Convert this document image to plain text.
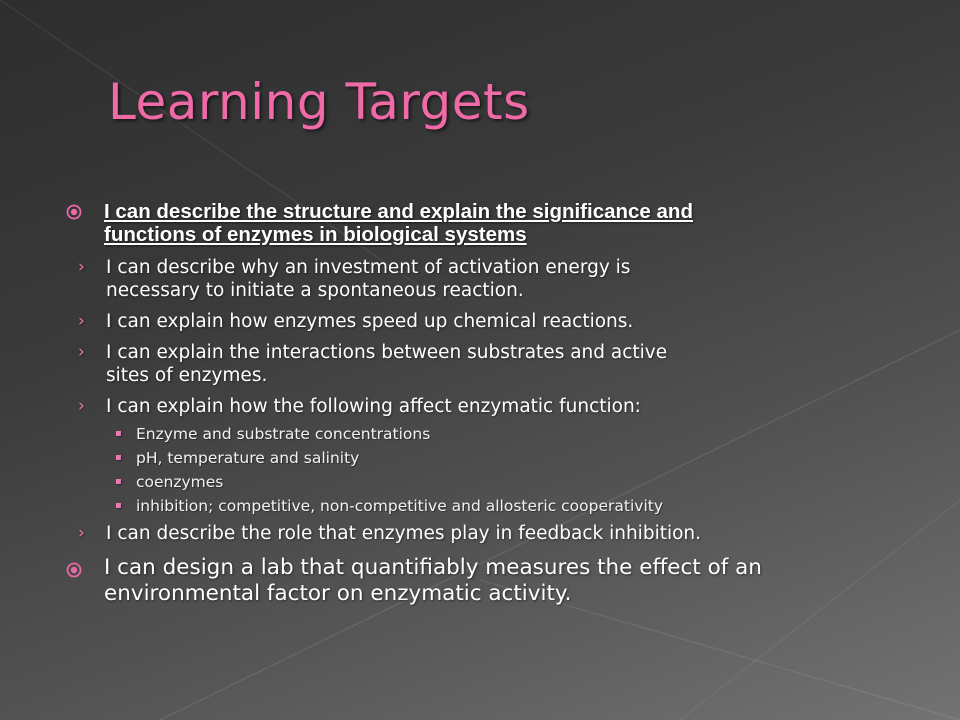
Learning Targets
I can describe the structure and explain the significance and
functions of enzymes in biological systems
› I can describe why an investment of activation energy is
necessary to initiate a spontaneous reaction.
› I can explain how enzymes speed up chemical reactions.
› I can explain the interactions between substrates and active
sites of enzymes.
› I can explain how the following affect enzymatic function:
▪ Enzyme and substrate concentrations
▪ pH, temperature and salinity
▪ coenzymes
▪ inhibition; competitive, non-competitive and allosteric cooperativity
› I can describe the role that enzymes play in feedback inhibition.
I can design a lab that quantifiably measures the effect of an
environmental factor on enzymatic activity.
